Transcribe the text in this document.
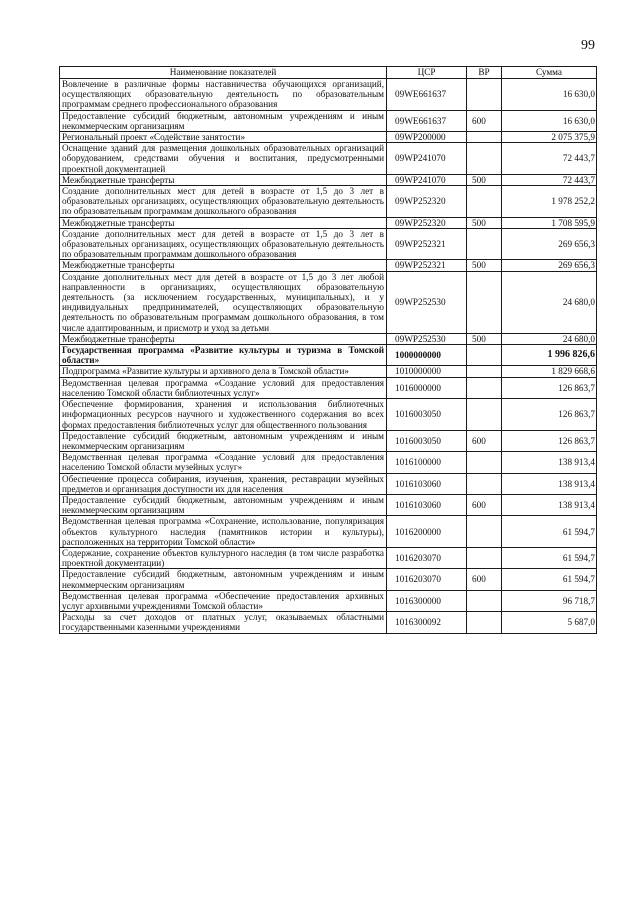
99
Наименование показателей	ЦСР	ВР	Сумма
Вовлечение в различные формы наставничества обучающихся организаций, осуществляющих образовательную деятельность по образовательным программам среднего профессионального образования	09WE661637		16 630,0
Предоставление субсидий бюджетным, автономным учреждениям и иным некоммерческим организациям	09WE661637	600	16 630,0
Региональный проект «Содействие занятости»	09WP200000		2 075 375,9
Оснащение зданий для размещения дошкольных образовательных организаций оборудованием, средствами обучения и воспитания, предусмотренными проектной документацией	09WP241070		72 443,7
Межбюджетные трансферты	09WP241070	500	72 443,7
Создание дополнительных мест для детей в возрасте от 1,5 до 3 лет в образовательных организациях, осуществляющих образовательную деятельность по образовательным программам дошкольного образования	09WP252320		1 978 252,2
Межбюджетные трансферты	09WP252320	500	1 708 595,9
Создание дополнительных мест для детей в возрасте от 1,5 до 3 лет в образовательных организациях, осуществляющих образовательную деятельность по образовательным программам дошкольного образования	09WP252321		269 656,3
Межбюджетные трансферты	09WP252321	500	269 656,3
Создание дополнительных мест для детей в возрасте от 1,5 до 3 лет любой направленности в организациях, осуществляющих образовательную деятельность (за исключением государственных, муниципальных), и у индивидуальных предпринимателей, осуществляющих образовательную деятельность по образовательным программам дошкольного образования, в том числе адаптированным, и присмотр и уход за детьми	09WP252530		24 680,0
Межбюджетные трансферты	09WP252530	500	24 680,0
Государственная программа «Развитие культуры и туризма в Томской области»	1000000000		1 996 826,6
Подпрограмма «Развитие культуры и архивного дела в Томской области»	1010000000		1 829 668,6
Ведомственная целевая программа «Создание условий для предоставления населению Томской области библиотечных услуг»	1016000000		126 863,7
Обеспечение формирования, хранения и использования библиотечных информационных ресурсов научного и художественного содержания во всех формах предоставления библиотечных услуг для общественного пользования	1016003050		126 863,7
Предоставление субсидий бюджетным, автономным учреждениям и иным некоммерческим организациям	1016003050	600	126 863,7
Ведомственная целевая программа «Создание условий для предоставления населению Томской области музейных услуг»	1016100000		138 913,4
Обеспечение процесса собирания, изучения, хранения, реставрации музейных предметов и организация доступности их для населения	1016103060		138 913,4
Предоставление субсидий бюджетным, автономным учреждениям и иным некоммерческим организациям	1016103060	600	138 913,4
Ведомственная целевая программа «Сохранение, использование, популяризация объектов культурного наследия (памятников истории и культуры), расположенных на территории Томской области»	1016200000		61 594,7
Содержание, сохранение объектов культурного наследия (в том числе разработка проектной документации)	1016203070		61 594,7
Предоставление субсидий бюджетным, автономным учреждениям и иным некоммерческим организациям	1016203070	600	61 594,7
Ведомственная целевая программа «Обеспечение предоставления архивных услуг архивными учреждениями Томской области»	1016300000		96 718,7
Расходы за счет доходов от платных услуг, оказываемых областными государственными казенными учреждениями	1016300092		5 687,0
